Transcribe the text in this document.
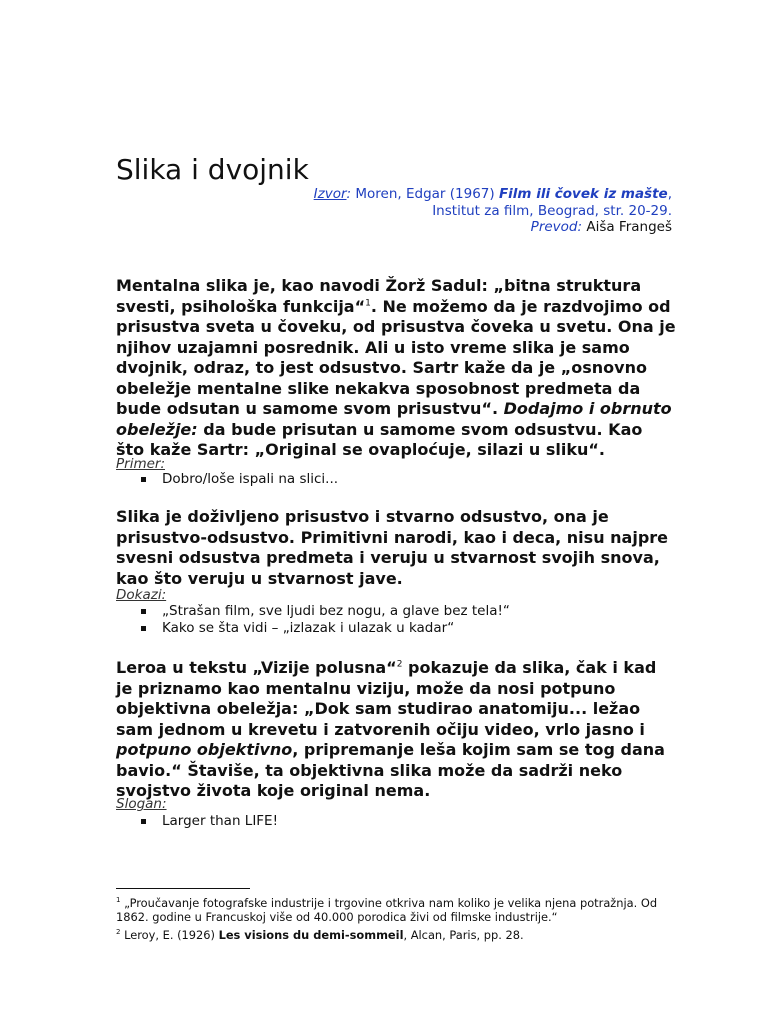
Slika i dvojnik
Izvor: Moren, Edgar (1967) Film ili čovek iz mašte,
Institut za film, Beograd, str. 20-29.
Prevod: Aiša Frangeš

Mentalna slika je, kao navodi Žorž Sadul: „bitna struktura svesti, psihološka funkcija“$^1$. Ne možemo da je razdvojimo od prisustva sveta u čoveku, od prisustva čoveka u svetu. Ona je njihov uzajamni posrednik. Ali u isto vreme slika je samo dvojnik, odraz, to jest odsustvo. Sartr kaže da je „osnovno obeležje mentalne slike nekakva sposobnost predmeta da bude odsutan u samome svom prisustvu“. Dodajmo i obrnuto obeležje: da bude prisutan u samome svom odsustvu. Kao što kaže Sartr: „Original se ovaplоćuje, silazi u sliku“.

Primer:
Dobro/loše ispali na slici...

Slika je doživljeno prisustvo i stvarno odsustvo, ona je prisustvo-odsustvo. Primitivni narodi, kao i deca, nisu najpre svesni odsustva predmeta i veruju u stvarnost svojih snova, kao što veruju u stvarnost jave.

Dokazi:
„Strašan film, sve ljudi bez nogu, a glave bez tela!“
Kako se šta vidi – „izlazak i ulazak u kadar“

Leroa u tekstu „Vizije polusna“$^2$ pokazuje da slika, čak i kad je priznamo kao mentalnu viziju, može da nosi potpuno objektivna obeležja: „Dok sam studirao anatomiju... ležao sam jednom u krevetu i zatvorenih očiju video, vrlo jasno i potpuno objektivno, pripremanje leša kojim sam se tog dana bavio.“ Štaviše, ta objektivna slika može da sadrži neko svojstvo života koje original nema.

Slogan:
Larger than LIFE!

$^1$ „Proučavanje fotografske industrije i trgovine otkriva nam koliko je velika njena potražnja. Od 1862. godine u Francuskoj više od 40.000 porodica živi od filmske industrije.“

$^2$ Leroy, E. (1926) Les visions du demi-sommeil, Alcan, Paris, pp. 28.
